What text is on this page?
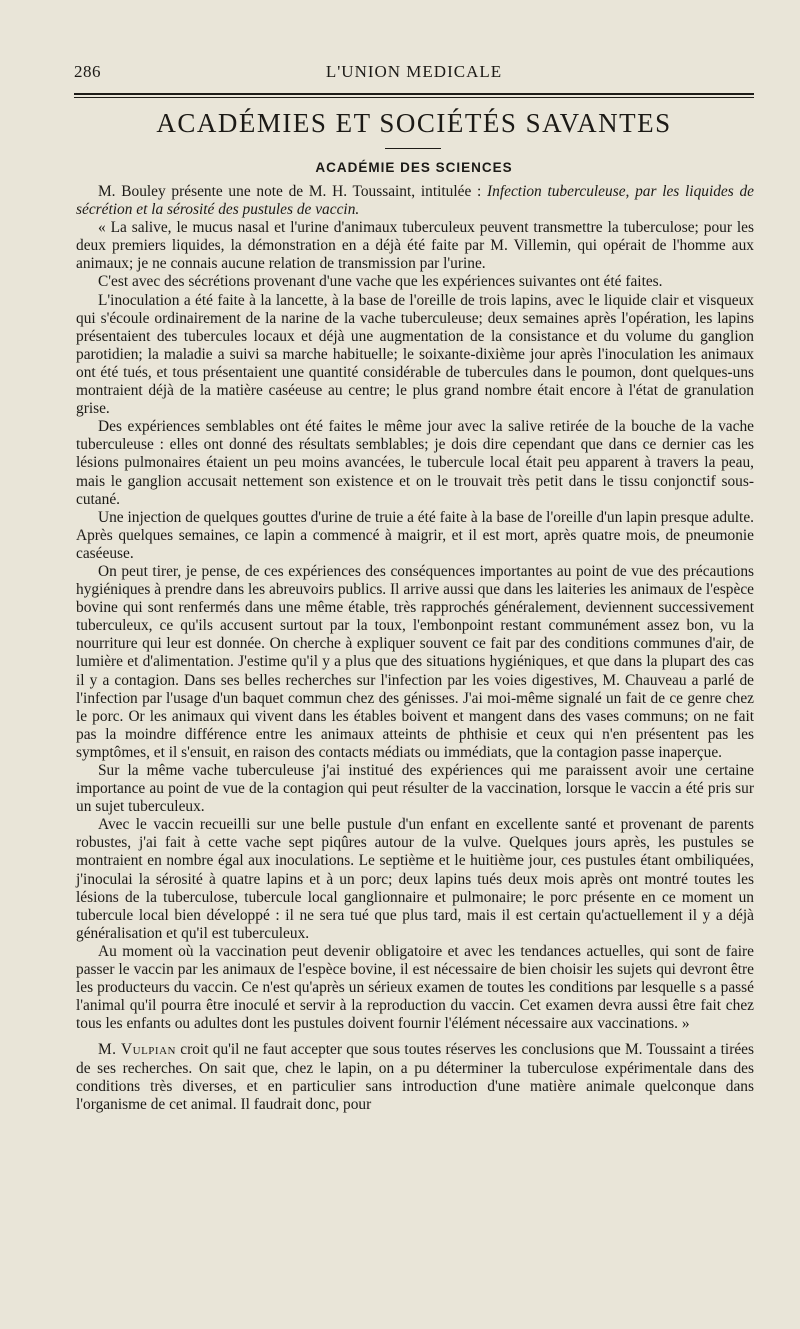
286	L'UNION MEDICALE
ACADÉMIES ET SOCIÉTÉS SAVANTES
ACADÉMIE DES SCIENCES

M. Bouley présente une note de M. H. Toussaint, intitulée : Infection tuberculeuse, par les liquides de sécrétion et la sérosité des pustules de vaccin.

« La salive, le mucus nasal et l'urine d'animaux tuberculeux peuvent transmettre la tuberculose; pour les deux premiers liquides, la démonstration en a déjà été faite par M. Villemin, qui opérait de l'homme aux animaux; je ne connais aucune relation de transmission par l'urine.

C'est avec des sécrétions provenant d'une vache que les expériences suivantes ont été faites.

L'inoculation a été faite à la lancette, à la base de l'oreille de trois lapins, avec le liquide clair et visqueux qui s'écoule ordinairement de la narine de la vache tuberculeuse; deux semaines après l'opération, les lapins présentaient des tubercules locaux et déjà une augmentation de la consistance et du volume du ganglion parotidien; la maladie a suivi sa marche habituelle; le soixante-dixième jour après l'inoculation les animaux ont été tués, et tous présentaient une quantité considérable de tubercules dans le poumon, dont quelques-uns montraient déjà de la matière caséeuse au centre; le plus grand nombre était encore à l'état de granulation grise.

Des expériences semblables ont été faites le même jour avec la salive retirée de la bouche de la vache tuberculeuse : elles ont donné des résultats semblables; je dois dire cependant que dans ce dernier cas les lésions pulmonaires étaient un peu moins avancées, le tubercule local était peu apparent à travers la peau, mais le ganglion accusait nettement son existence et on le trouvait très petit dans le tissu conjonctif sous-cutané.

Une injection de quelques gouttes d'urine de truie a été faite à la base de l'oreille d'un lapin presque adulte. Après quelques semaines, ce lapin a commencé à maigrir, et il est mort, après quatre mois, de pneumonie caséeuse.

On peut tirer, je pense, de ces expériences des conséquences importantes au point de vue des précautions hygiéniques à prendre dans les abreuvoirs publics. Il arrive aussi que dans les laiteries les animaux de l'espèce bovine qui sont renfermés dans une même étable, très rapprochés généralement, deviennent successivement tuberculeux, ce qu'ils accusent surtout par la toux, l'embonpoint restant communément assez bon, vu la nourriture qui leur est donnée. On cherche à expliquer souvent ce fait par des conditions communes d'air, de lumière et d'alimentation. J'estime qu'il y a plus que des situations hygiéniques, et que dans la plupart des cas il y a contagion. Dans ses belles recherches sur l'infection par les voies digestives, M. Chauveau a parlé de l'infection par l'usage d'un baquet commun chez des génisses. J'ai moi-même signalé un fait de ce genre chez le porc. Or les animaux qui vivent dans les étables boivent et mangent dans des vases communs; on ne fait pas la moindre différence entre les animaux atteints de phthisie et ceux qui n'en présentent pas les symptômes, et il s'ensuit, en raison des contacts médiats ou immédiats, que la contagion passe inaperçue.

Sur la même vache tuberculeuse j'ai institué des expériences qui me paraissent avoir une certaine importance au point de vue de la contagion qui peut résulter de la vaccination, lorsque le vaccin a été pris sur un sujet tuberculeux.

Avec le vaccin recueilli sur une belle pustule d'un enfant en excellente santé et provenant de parents robustes, j'ai fait à cette vache sept piqûres autour de la vulve. Quelques jours après, les pustules se montraient en nombre égal aux inoculations. Le septième et le huitième jour, ces pustules étant ombiliquées, j'inoculai la sérosité à quatre lapins et à un porc; deux lapins tués deux mois après ont montré toutes les lésions de la tuberculose, tubercule local ganglionnaire et pulmonaire; le porc présente en ce moment un tubercule local bien développé : il ne sera tué que plus tard, mais il est certain qu'actuellement il y a déjà généralisation et qu'il est tuberculeux.

Au moment où la vaccination peut devenir obligatoire et avec les tendances actuelles, qui sont de faire passer le vaccin par les animaux de l'espèce bovine, il est nécessaire de bien choisir les sujets qui devront être les producteurs du vaccin. Ce n'est qu'après un sérieux examen de toutes les conditions par lesquelle s a passé l'animal qu'il pourra être inoculé et servir à la reproduction du vaccin. Cet examen devra aussi être fait chez tous les enfants ou adultes dont les pustules doivent fournir l'élément nécessaire aux vaccinations. »

M. Vulpian croit qu'il ne faut accepter que sous toutes réserves les conclusions que M. Toussaint a tirées de ses recherches. On sait que, chez le lapin, on a pu déterminer la tuberculose expérimentale dans des conditions très diverses, et en particulier sans introduction d'une matière animale quelconque dans l'organisme de cet animal. Il faudrait donc, pour
